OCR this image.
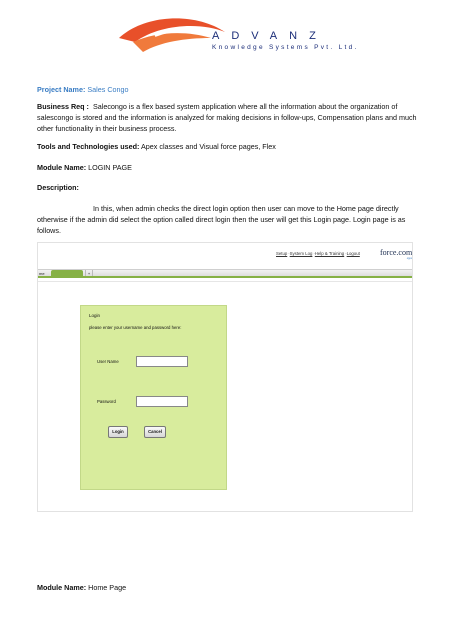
ADVANZ
Knowledge Systems Pvt. Ltd.
Project Name: Sales Congo
Business Req : Salecongo is a flex based system application where all the information about the organization of salescongo is stored and the information is analyzed for making decisions in follow-ups, Compensation plans and much other functionality in their business process.
Tools and Technologies used: Apex classes and Visual force pages, Flex
Module Name: LOGIN PAGE
Description:
In this, when admin checks the direct login option then user can move to the Home page directly otherwise if the admin did select the option called direct login then the user will get this Login page. Login page is as follows.
Setup·System Log·Help & Training·Logout	force.com
apps
me	+
Login
please enter your username and password here:
User Name
Password
Login	Cancel
Module Name: Home Page
